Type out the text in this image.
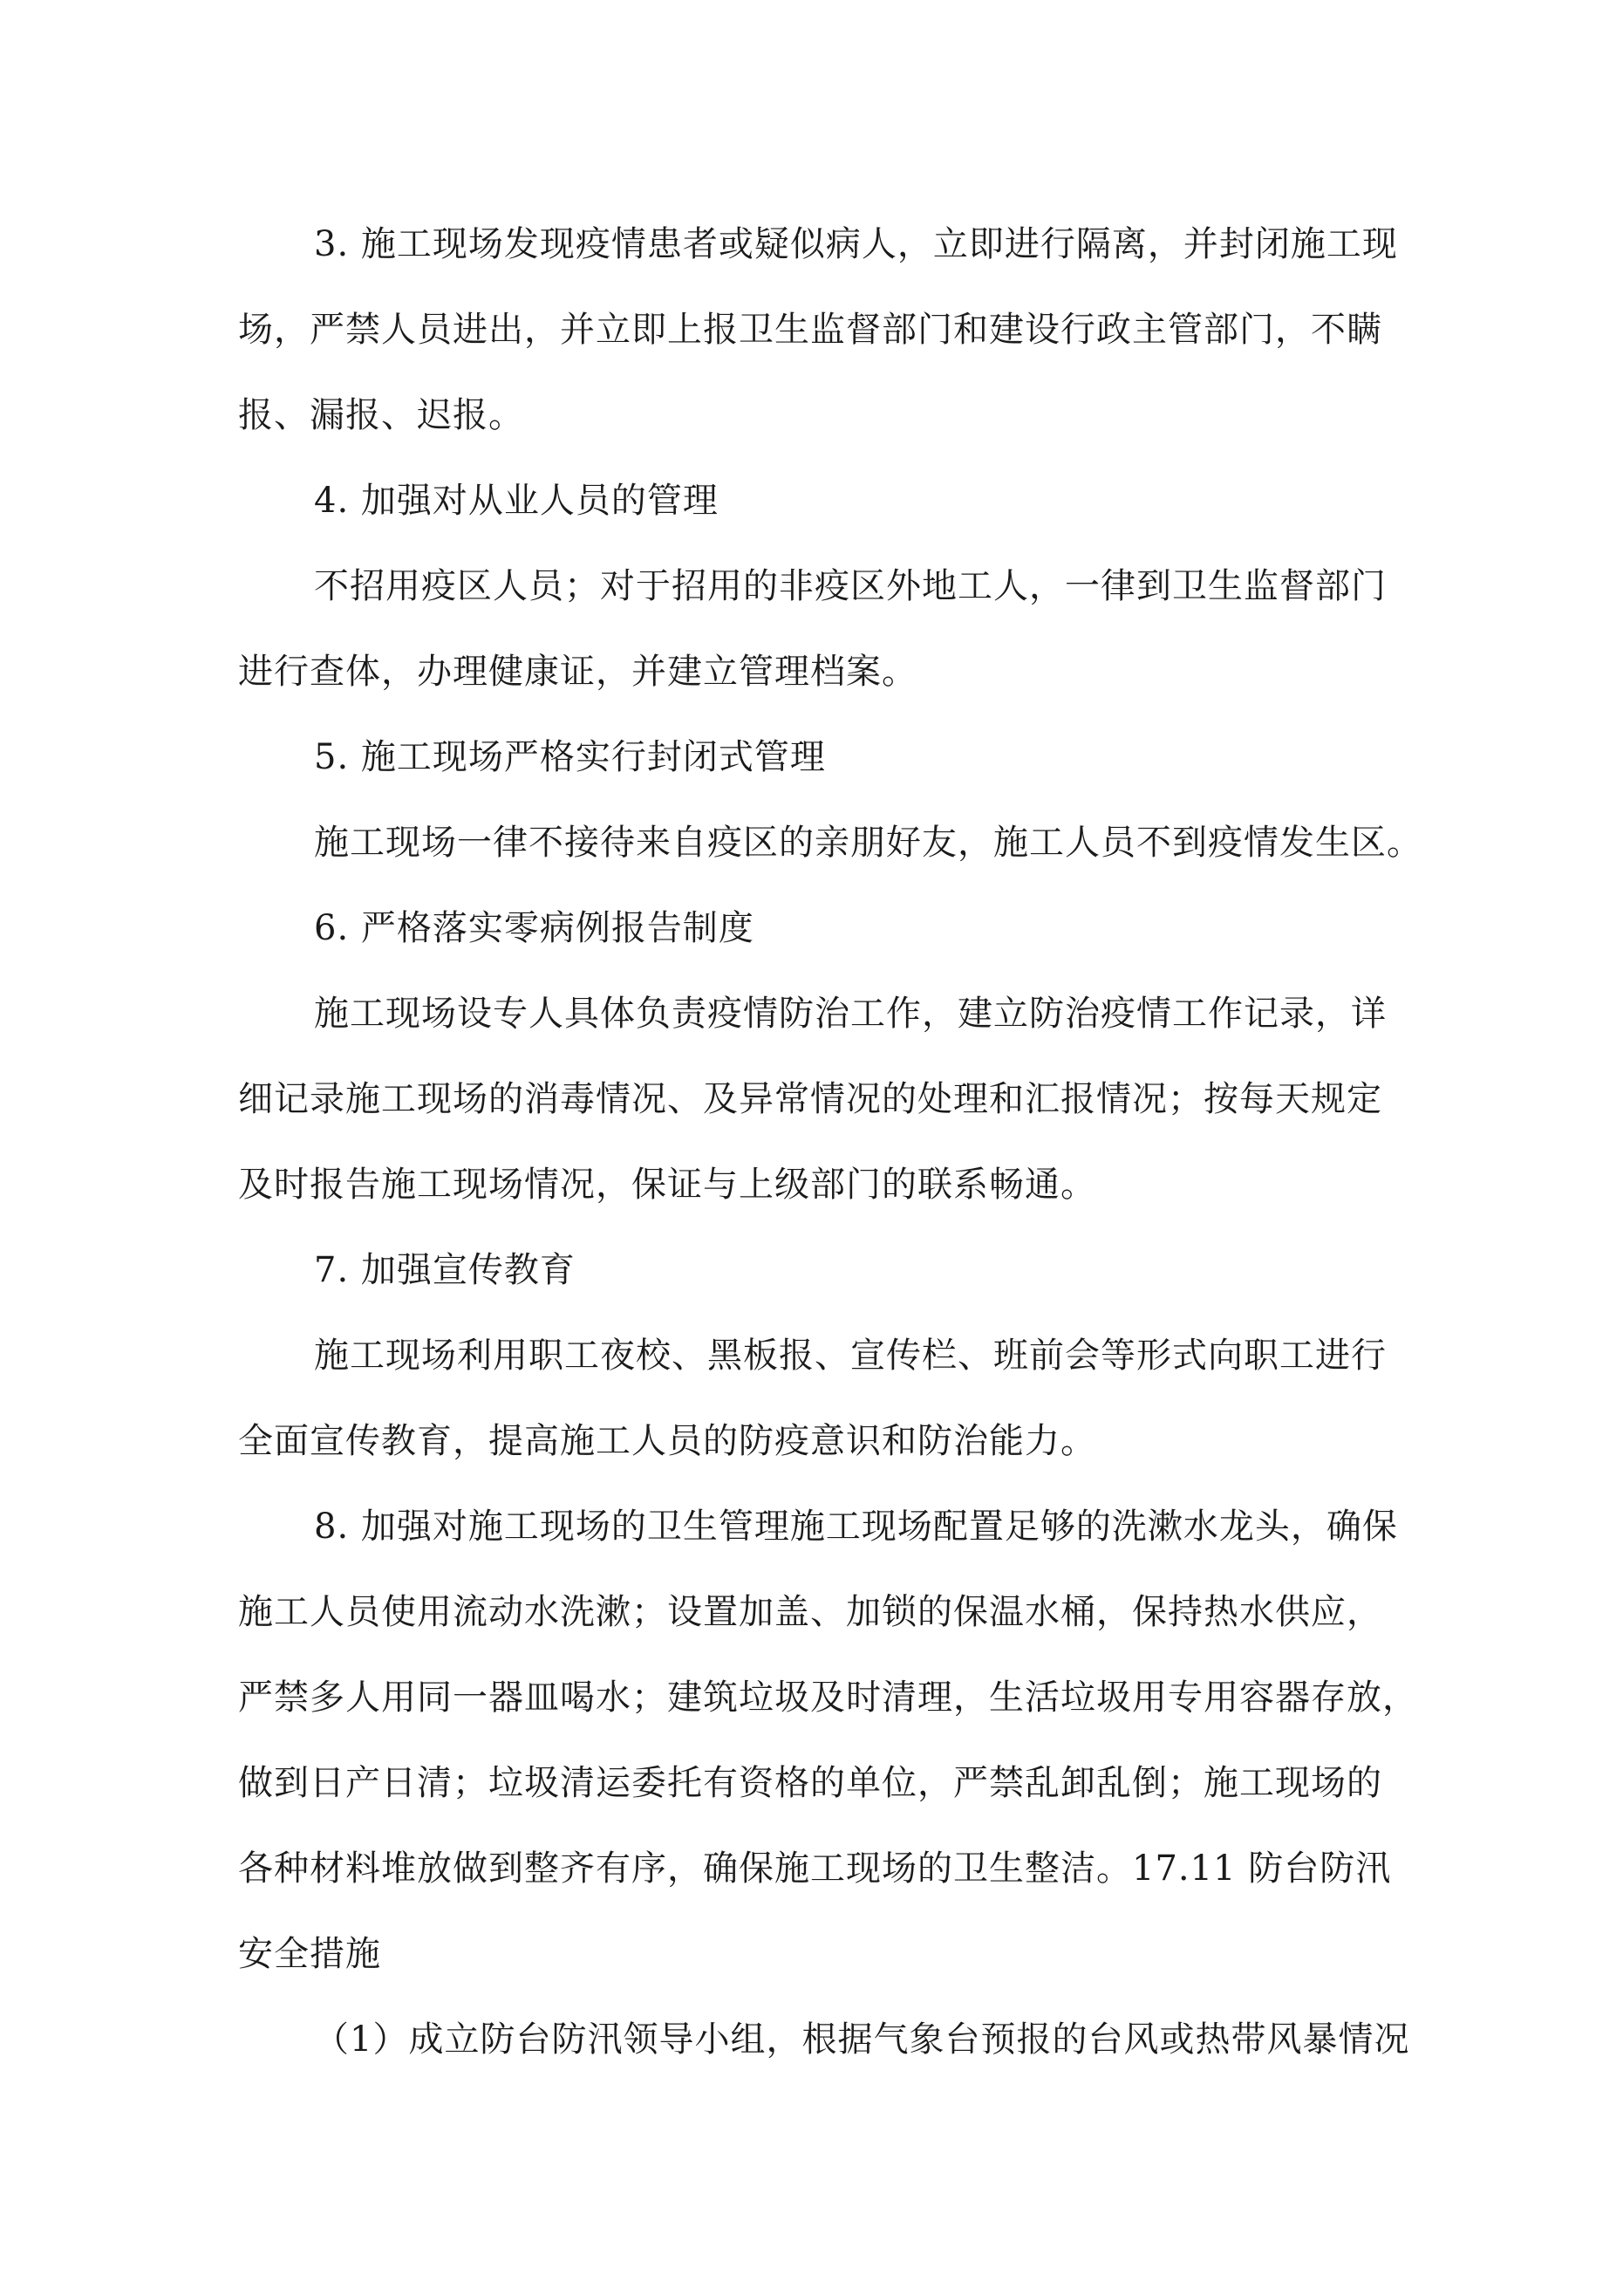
3. 施工现场发现疫情患者或疑似病人，立即进行隔离，并封闭施工现
场，严禁人员进出，并立即上报卫生监督部门和建设行政主管部门，不瞒
报、漏报、迟报。
4. 加强对从业人员的管理
不招用疫区人员；对于招用的非疫区外地工人，一律到卫生监督部门
进行查体，办理健康证，并建立管理档案。
5. 施工现场严格实行封闭式管理
施工现场一律不接待来自疫区的亲朋好友，施工人员不到疫情发生区。
6. 严格落实零病例报告制度
施工现场设专人具体负责疫情防治工作，建立防治疫情工作记录，详
细记录施工现场的消毒情况、及异常情况的处理和汇报情况；按每天规定
及时报告施工现场情况，保证与上级部门的联系畅通。
7. 加强宣传教育
施工现场利用职工夜校、黑板报、宣传栏、班前会等形式向职工进行
全面宣传教育，提高施工人员的防疫意识和防治能力。
8. 加强对施工现场的卫生管理施工现场配置足够的洗漱水龙头，确保
施工人员使用流动水洗漱；设置加盖、加锁的保温水桶，保持热水供应，
严禁多人用同一器皿喝水；建筑垃圾及时清理，生活垃圾用专用容器存放，
做到日产日清；垃圾清运委托有资格的单位，严禁乱卸乱倒；施工现场的
各种材料堆放做到整齐有序，确保施工现场的卫生整洁。17.11 防台防汛
安全措施
（1）成立防台防汛领导小组，根据气象台预报的台风或热带风暴情况
